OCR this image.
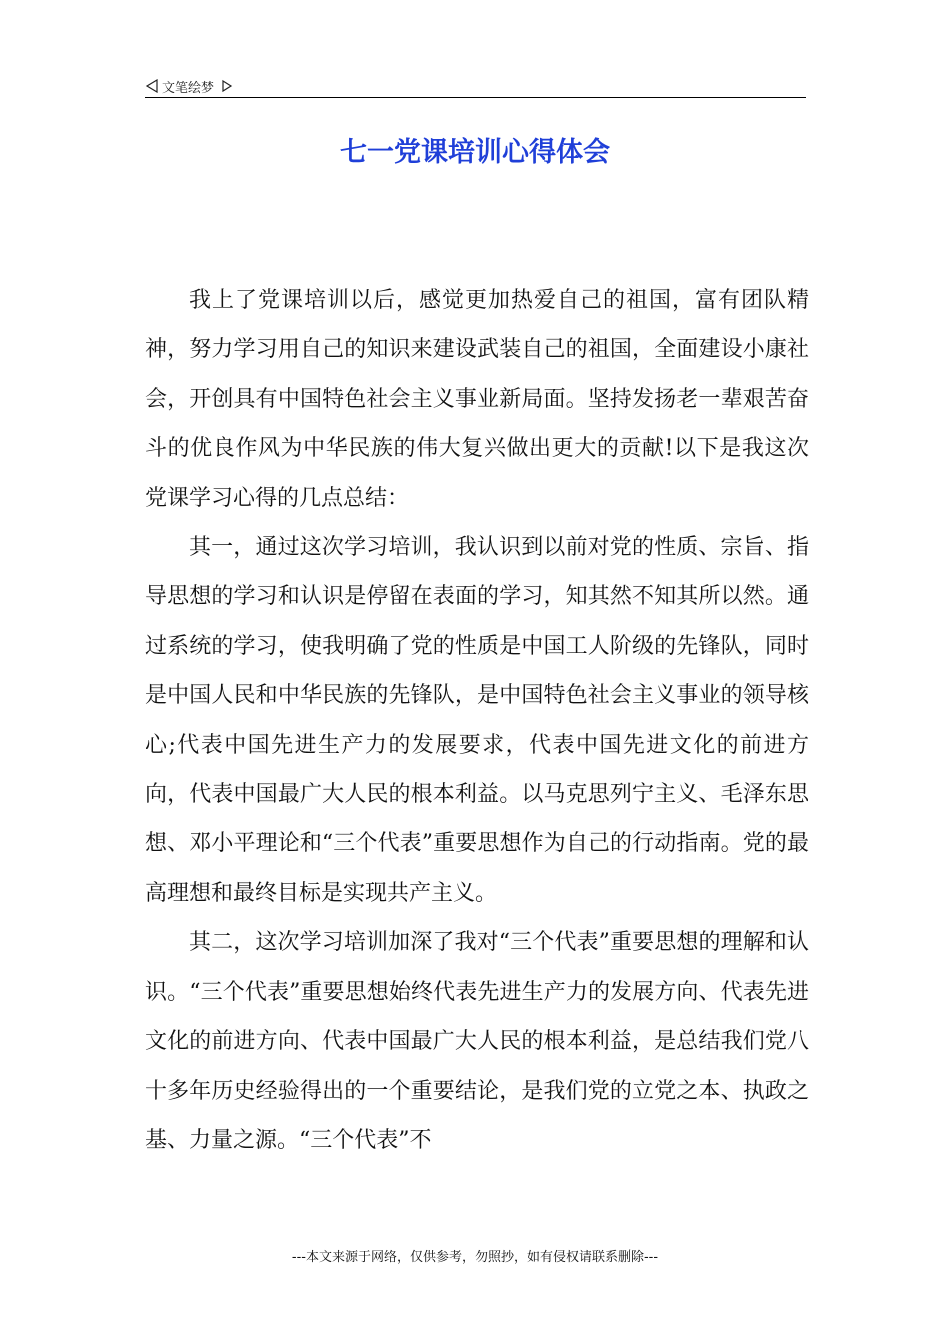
文笔绘梦
七一党课培训心得体会

我上了党课培训以后，感觉更加热爱自己的祖国，富有团队精神，努力学习用自己的知识来建设武装自己的祖国，全面建设小康社会，开创具有中国特色社会主义事业新局面。坚持发扬老一辈艰苦奋斗的优良作风为中华民族的伟大复兴做出更大的贡献!以下是我这次党课学习心得的几点总结：

其一，通过这次学习培训，我认识到以前对党的性质、宗旨、指导思想的学习和认识是停留在表面的学习，知其然不知其所以然。通过系统的学习，使我明确了党的性质是中国工人阶级的先锋队，同时是中国人民和中华民族的先锋队，是中国特色社会主义事业的领导核心;代表中国先进生产力的发展要求，代表中国先进文化的前进方向，代表中国最广大人民的根本利益。以马克思列宁主义、毛泽东思想、邓小平理论和“三个代表”重要思想作为自己的行动指南。党的最高理想和最终目标是实现共产主义。

其二，这次学习培训加深了我对“三个代表”重要思想的理解和认识。“三个代表”重要思想始终代表先进生产力的发展方向、代表先进文化的前进方向、代表中国最广大人民的根本利益，是总结我们党八十多年历史经验得出的一个重要结论，是我们党的立党之本、执政之基、力量之源。“三个代表”不

---本文来源于网络，仅供参考，勿照抄，如有侵权请联系删除---
